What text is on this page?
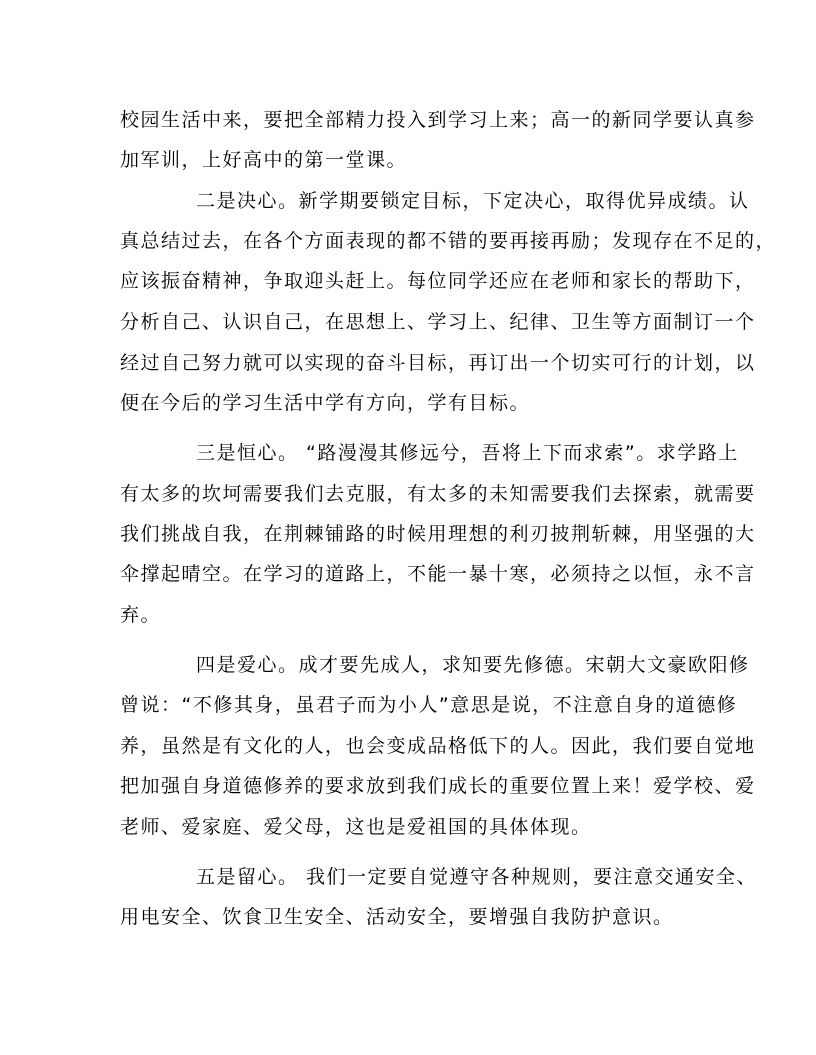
校园生活中来，要把全部精力投入到学习上来；高一的新同学要认真参
加军训，上好高中的第一堂课。
二是决心。新学期要锁定目标，下定决心，取得优异成绩。认
真总结过去，在各个方面表现的都不错的要再接再励；发现存在不足的，
应该振奋精神，争取迎头赶上。每位同学还应在老师和家长的帮助下，
分析自己、认识自己，在思想上、学习上、纪律、卫生等方面制订一个
经过自己努力就可以实现的奋斗目标，再订出一个切实可行的计划，以
便在今后的学习生活中学有方向，学有目标。
三是恒心。 “路漫漫其修远兮，吾将上下而求索”。求学路上
有太多的坎坷需要我们去克服，有太多的未知需要我们去探索，就需要
我们挑战自我，在荆棘铺路的时候用理想的利刃披荆斩棘，用坚强的大
伞撑起晴空。在学习的道路上，不能一暴十寒，必须持之以恒，永不言
弃。
四是爱心。成才要先成人，求知要先修德。宋朝大文豪欧阳修
曾说：“不修其身，虽君子而为小人”意思是说，不注意自身的道德修
养，虽然是有文化的人，也会变成品格低下的人。因此，我们要自觉地
把加强自身道德修养的要求放到我们成长的重要位置上来！爱学校、爱
老师、爱家庭、爱父母，这也是爱祖国的具体体现。
五是留心。 我们一定要自觉遵守各种规则，要注意交通安全、
用电安全、饮食卫生安全、活动安全，要增强自我防护意识。
